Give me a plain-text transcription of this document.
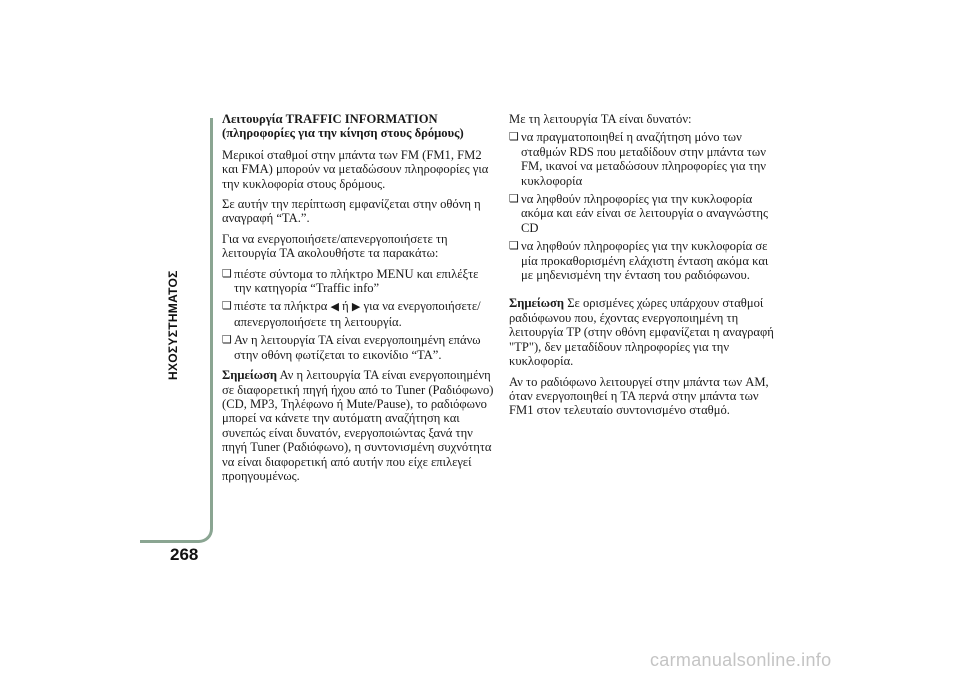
ΗΧΟΣΥΣΤΗΜΑΤΟΣ
268

Λειτουργία TRAFFIC INFORMATION
(πληροφορίες για την κίνηση στους δρόμους)

Μερικοί σταθμοί στην μπάντα των FM (FM1, FM2 και FMA) μπορούν να μεταδώσουν πληροφορίες για την κυκλοφορία στους δρόμους.

Σε αυτήν την περίπτωση εμφανίζεται στην οθόνη η αναγραφή “TA.”.

Για να ενεργοποιήσετε/απενεργοποιήσετε τη λειτουργία TA ακολουθήστε τα παρακάτω:

❑ πιέστε σύντομα το πλήκτρο MENU και επιλέξτε την κατηγορία “Traffic info”
❑ πιέστε τα πλήκτρα ◀ ή ▶ για να ενεργοποιήσετε/απενεργοποιήσετε τη λειτουργία.
❑ Αν η λειτουργία TA είναι ενεργοποιημένη επάνω στην οθόνη φωτίζεται το εικονίδιο “TA”.

Σημείωση Αν η λειτουργία TA είναι ενεργοποιημένη σε διαφορετική πηγή ήχου από το Tuner (Ραδιόφωνο) (CD, MP3, Τηλέφωνο ή Mute/Pause), το ραδιόφωνο μπορεί να κάνετε την αυτόματη αναζήτηση και συνεπώς είναι δυνατόν, ενεργοποιώντας ξανά την πηγή Tuner (Ραδιόφωνο), η συντονισμένη συχνότητα να είναι διαφορετική από αυτήν που είχε επιλεγεί προηγουμένως.

Με τη λειτουργία TA είναι δυνατόν:

❑ να πραγματοποιηθεί η αναζήτηση μόνο των σταθμών RDS που μεταδίδουν στην μπάντα των FM, ικανοί να μεταδώσουν πληροφορίες για την κυκλοφορία
❑ να ληφθούν πληροφορίες για την κυκλοφορία ακόμα και εάν είναι σε λειτουργία ο αναγνώστης CD
❑ να ληφθούν πληροφορίες για την κυκλοφορία σε μία προκαθορισμένη ελάχιστη ένταση ακόμα και με μηδενισμένη την ένταση του ραδιόφωνου.

Σημείωση Σε ορισμένες χώρες υπάρχουν σταθμοί ραδιόφωνου που, έχοντας ενεργοποιημένη τη λειτουργία TP (στην οθόνη εμφανίζεται η αναγραφή "TP"), δεν μεταδίδουν πληροφορίες για την κυκλοφορία.

Αν το ραδιόφωνο λειτουργεί στην μπάντα των AM, όταν ενεργοποιηθεί η TA περνά στην μπάντα των FM1 στον τελευταίο συντονισμένο σταθμό.

carmanualsonline.info
